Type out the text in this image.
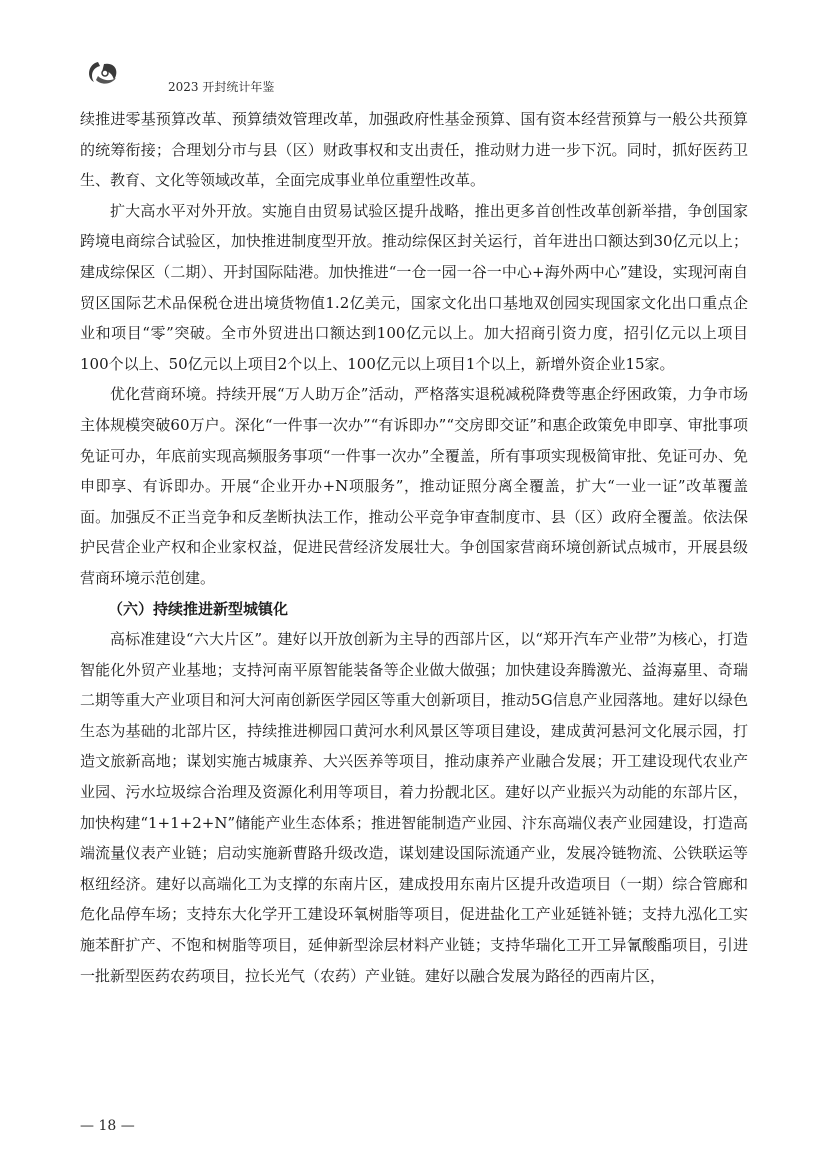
2023 开封统计年鉴

续推进零基预算改革、预算绩效管理改革，加强政府性基金预算、国有资本经营预算与一般公共预算的统筹衔接；合理划分市与县（区）财政事权和支出责任，推动财力进一步下沉。同时，抓好医药卫生、教育、文化等领域改革，全面完成事业单位重塑性改革。

扩大高水平对外开放。实施自由贸易试验区提升战略，推出更多首创性改革创新举措，争创国家跨境电商综合试验区，加快推进制度型开放。推动综保区封关运行，首年进出口额达到30亿元以上；建成综保区（二期）、开封国际陆港。加快推进“一仓一园一谷一中心+海外两中心”建设，实现河南自贸区国际艺术品保税仓进出境货物值1.2亿美元，国家文化出口基地双创园实现国家文化出口重点企业和项目“零”突破。全市外贸进出口额达到100亿元以上。加大招商引资力度，招引亿元以上项目100个以上、50亿元以上项目2个以上、100亿元以上项目1个以上，新增外资企业15家。

优化营商环境。持续开展“万人助万企”活动，严格落实退税减税降费等惠企纾困政策，力争市场主体规模突破60万户。深化“一件事一次办”“有诉即办”“交房即交证”和惠企政策免申即享、审批事项免证可办，年底前实现高频服务事项“一件事一次办”全覆盖，所有事项实现极简审批、免证可办、免申即享、有诉即办。开展“企业开办+N项服务”，推动证照分离全覆盖，扩大“一业一证”改革覆盖面。加强反不正当竞争和反垄断执法工作，推动公平竞争审查制度市、县（区）政府全覆盖。依法保护民营企业产权和企业家权益，促进民营经济发展壮大。争创国家营商环境创新试点城市，开展县级营商环境示范创建。

（六）持续推进新型城镇化

高标准建设“六大片区”。建好以开放创新为主导的西部片区，以“郑开汽车产业带”为核心，打造智能化外贸产业基地；支持河南平原智能装备等企业做大做强；加快建设奔腾激光、益海嘉里、奇瑞二期等重大产业项目和河大河南创新医学园区等重大创新项目，推动5G信息产业园落地。建好以绿色生态为基础的北部片区，持续推进柳园口黄河水利风景区等项目建设，建成黄河悬河文化展示园，打造文旅新高地；谋划实施古城康养、大兴医养等项目，推动康养产业融合发展；开工建设现代农业产业园、污水垃圾综合治理及资源化利用等项目，着力扮靓北区。建好以产业振兴为动能的东部片区，加快构建“1+1+2+N”储能产业生态体系；推进智能制造产业园、汴东高端仪表产业园建设，打造高端流量仪表产业链；启动实施新曹路升级改造，谋划建设国际流通产业，发展冷链物流、公铁联运等枢纽经济。建好以高端化工为支撑的东南片区，建成投用东南片区提升改造项目（一期）综合管廊和危化品停车场；支持东大化学开工建设环氧树脂等项目，促进盐化工产业延链补链；支持九泓化工实施苯酐扩产、不饱和树脂等项目，延伸新型涂层材料产业链；支持华瑞化工开工异氰酸酯项目，引进一批新型医药农药项目，拉长光气（农药）产业链。建好以融合发展为路径的西南片区，

— 18 —
